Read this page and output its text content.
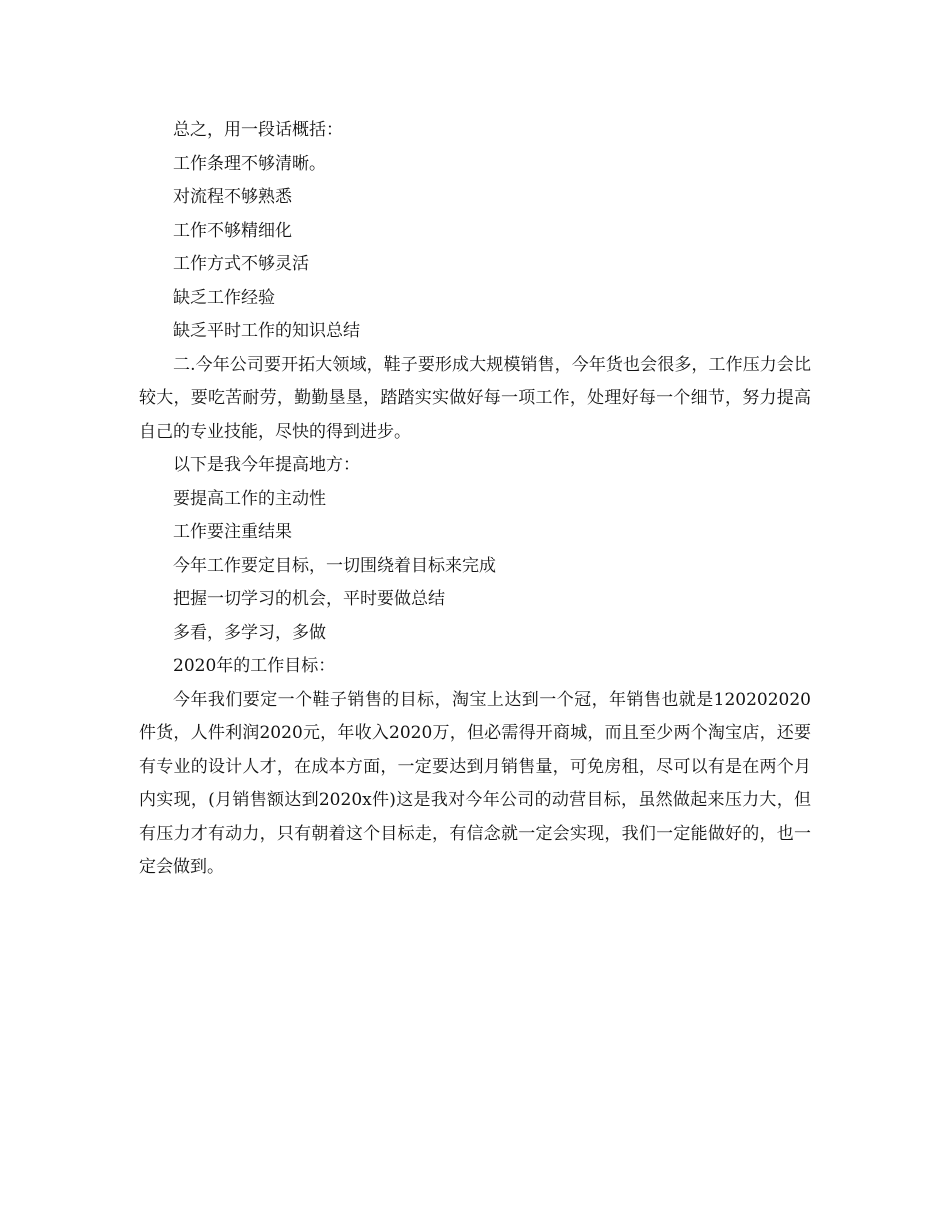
总之，用一段话概括：
工作条理不够清晰。
对流程不够熟悉
工作不够精细化
工作方式不够灵活
缺乏工作经验
缺乏平时工作的知识总结

二.今年公司要开拓大领域，鞋子要形成大规模销售，今年货也会很多，工作压力会比较大，要吃苦耐劳，勤勤垦垦，踏踏实实做好每一项工作，处理好每一个细节，努力提高自己的专业技能，尽快的得到进步。

以下是我今年提高地方：
要提高工作的主动性
工作要注重结果
今年工作要定目标，一切围绕着目标来完成
把握一切学习的机会，平时要做总结
多看，多学习，多做
2020年的工作目标：

今年我们要定一个鞋子销售的目标，淘宝上达到一个冠，年销售也就是120202020件货，人件利润2020元，年收入2020万，但必需得开商城，而且至少两个淘宝店，还要有专业的设计人才，在成本方面，一定要达到月销售量，可免房租，尽可以有是在两个月内实现，(月销售额达到2020x件)这是我对今年公司的动营目标，虽然做起来压力大，但有压力才有动力，只有朝着这个目标走，有信念就一定会实现，我们一定能做好的，也一定会做到。
